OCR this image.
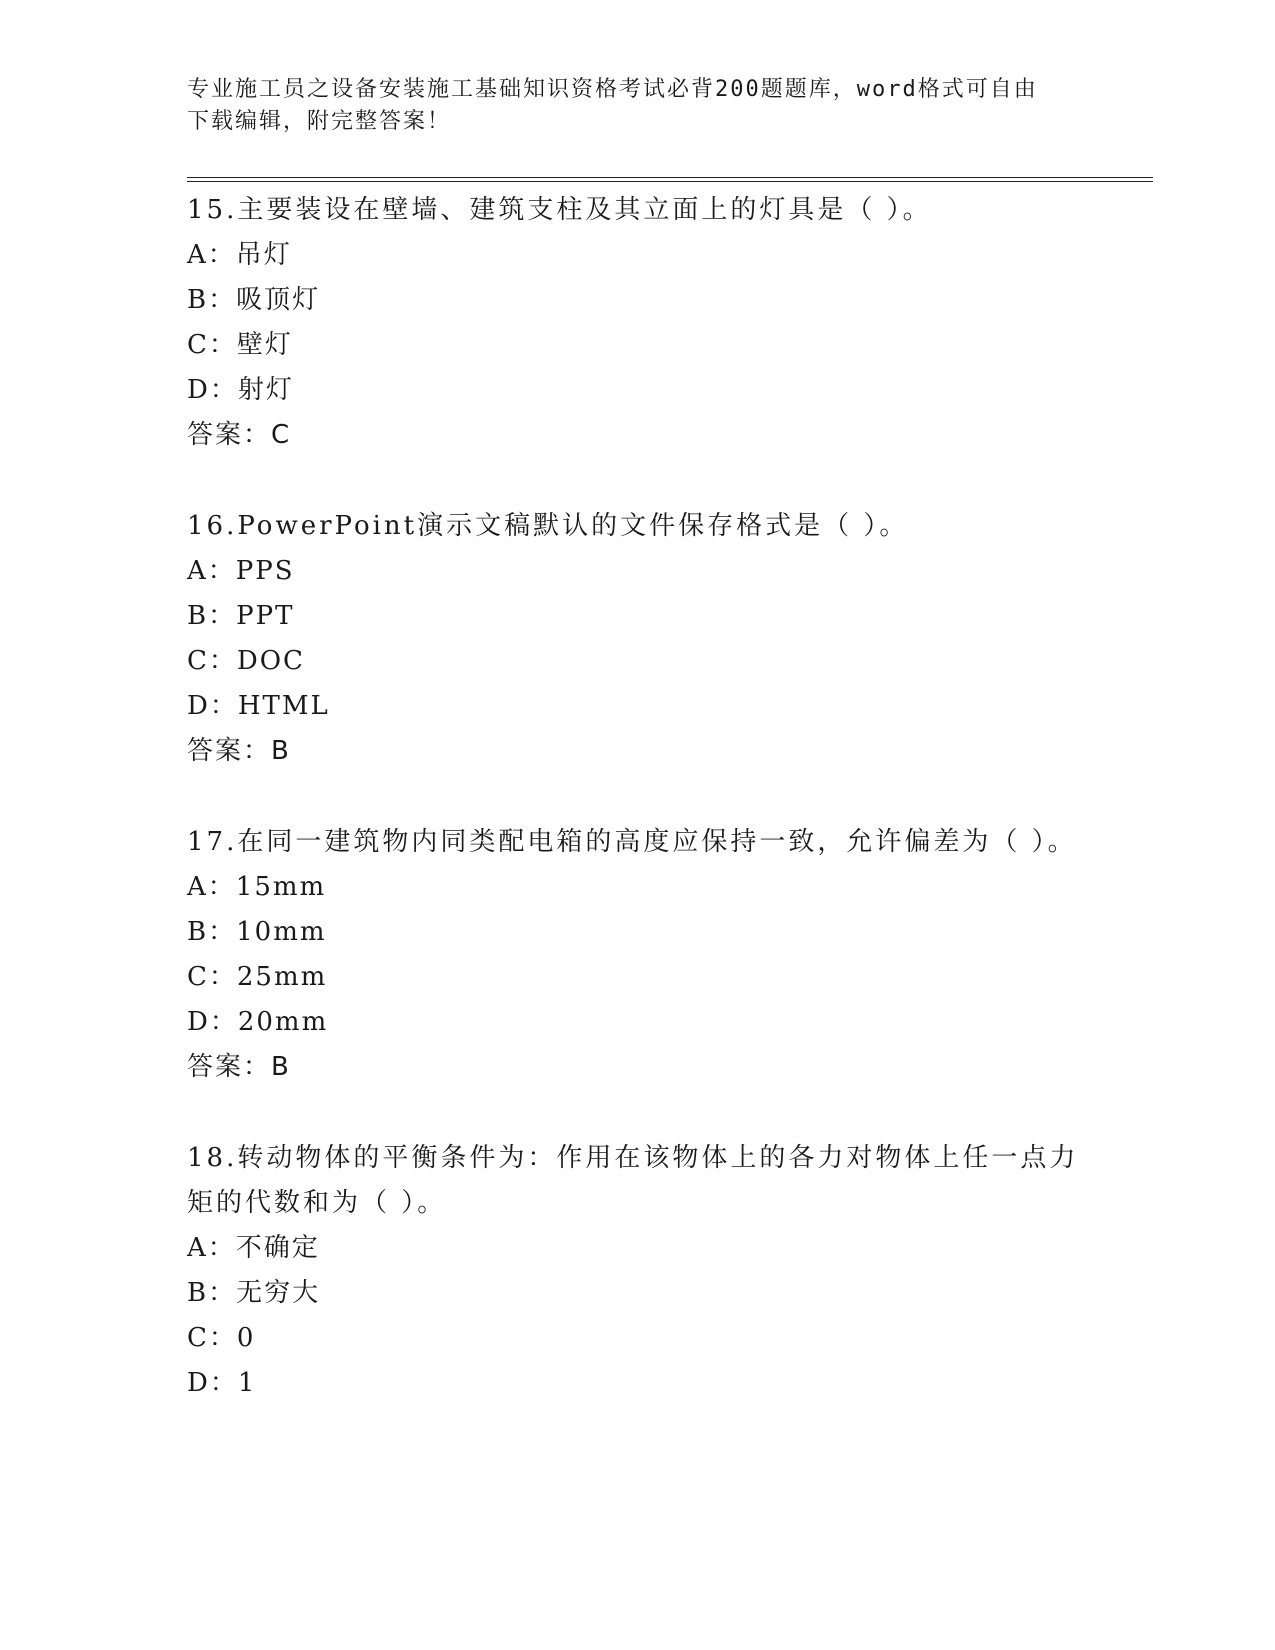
专业施工员之设备安装施工基础知识资格考试必背200题题库，word格式可自由
下载编辑，附完整答案！

15.主要装设在壁墙、建筑支柱及其立面上的灯具是（ ）。

A：吊灯

B：吸顶灯

C：壁灯

D：射灯

答案：C

16.PowerPoint演示文稿默认的文件保存格式是（ ）。

A：PPS

B：PPT

C：DOC

D：HTML

答案：B

17.在同一建筑物内同类配电箱的高度应保持一致，允许偏差为（ ）。

A：15mm

B：10mm

C：25mm

D：20mm

答案：B

18.转动物体的平衡条件为：作用在该物体上的各力对物体上任一点力矩的代数和为（ ）。

A：不确定

B：无穷大

C：0

D：1
